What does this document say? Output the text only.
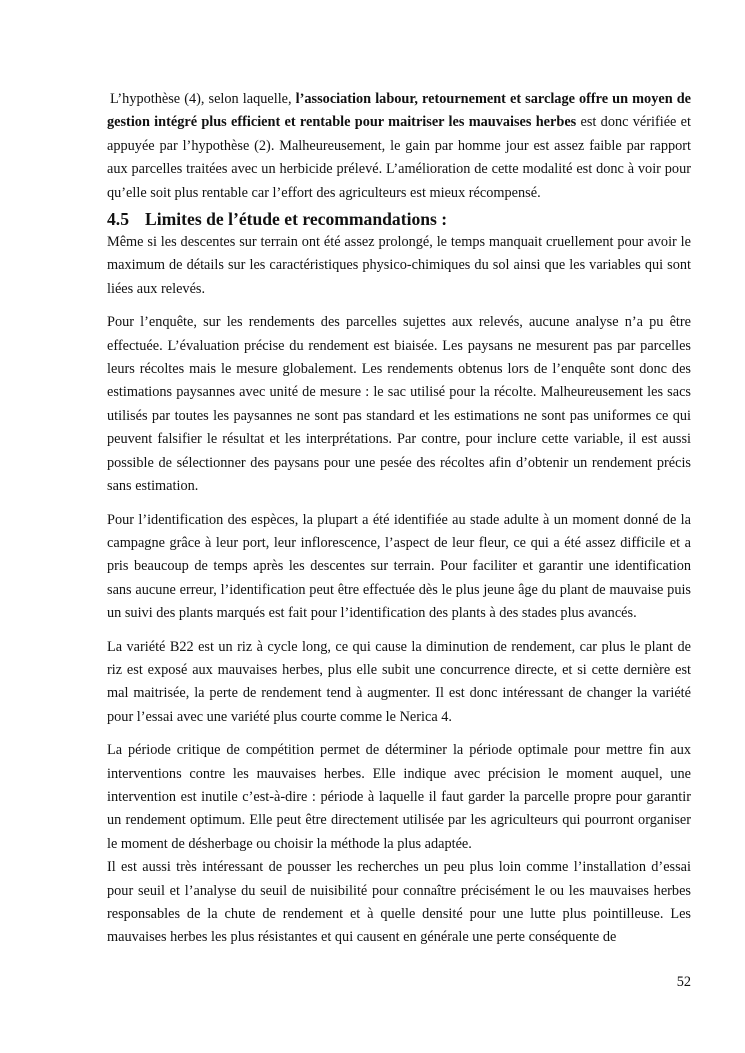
L’hypothèse (4), selon laquelle, l’association labour, retournement et sarclage offre un moyen de gestion intégré plus efficient et rentable pour maitriser les mauvaises herbes est donc vérifiée et appuyée par l’hypothèse (2). Malheureusement, le gain par homme jour est assez faible par rapport aux parcelles traitées avec un herbicide prélevé. L’amélioration de cette modalité est donc à voir pour qu’elle soit plus rentable car l’effort des agriculteurs est mieux récompensé.

4.5 Limites de l’étude et recommandations :

Même si les descentes sur terrain ont été assez prolongé, le temps manquait cruellement pour avoir le maximum de détails sur les caractéristiques physico-chimiques du sol ainsi que les variables qui sont liées aux relevés.

Pour l’enquête, sur les rendements des parcelles sujettes aux relevés, aucune analyse n’a pu être effectuée. L’évaluation précise du rendement est biaisée. Les paysans ne mesurent pas par parcelles leurs récoltes mais le mesure globalement. Les rendements obtenus lors de l’enquête sont donc des estimations paysannes avec unité de mesure : le sac utilisé pour la récolte. Malheureusement les sacs utilisés par toutes les paysannes ne sont pas standard et les estimations ne sont pas uniformes ce qui peuvent falsifier le résultat et les interprétations. Par contre, pour inclure cette variable, il est aussi possible de sélectionner des paysans pour une pesée des récoltes afin d’obtenir un rendement précis sans estimation.

Pour l’identification des espèces, la plupart a été identifiée au stade adulte à un moment donné de la campagne grâce à leur port, leur inflorescence, l’aspect de leur fleur, ce qui a été assez difficile et a pris beaucoup de temps après les descentes sur terrain. Pour faciliter et garantir une identification sans aucune erreur, l’identification peut être effectuée dès le plus jeune âge du plant de mauvaise puis un suivi des plants marqués est fait pour l’identification des plants à des stades plus avancés.

La variété B22 est un riz à cycle long, ce qui cause la diminution de rendement, car plus le plant de riz est exposé aux mauvaises herbes, plus elle subit une concurrence directe, et si cette dernière est mal maitrisée, la perte de rendement tend à augmenter. Il est donc intéressant de changer la variété pour l’essai avec une variété plus courte comme le Nerica 4.

La période critique de compétition permet de déterminer la période optimale pour mettre fin aux interventions contre les mauvaises herbes. Elle indique avec précision le moment auquel, une intervention est inutile c’est-à-dire : période à laquelle il faut garder la parcelle propre pour garantir un rendement optimum. Elle peut être directement utilisée par les agriculteurs qui pourront organiser le moment de désherbage ou choisir la méthode la plus adaptée.

Il est aussi très intéressant de pousser les recherches un peu plus loin comme l’installation d’essai pour seuil et l’analyse du seuil de nuisibilité pour connaître précisément le ou les mauvaises herbes responsables de la chute de rendement et à quelle densité pour une lutte plus pointilleuse. Les mauvaises herbes les plus résistantes et qui causent en générale une perte conséquente de

52
